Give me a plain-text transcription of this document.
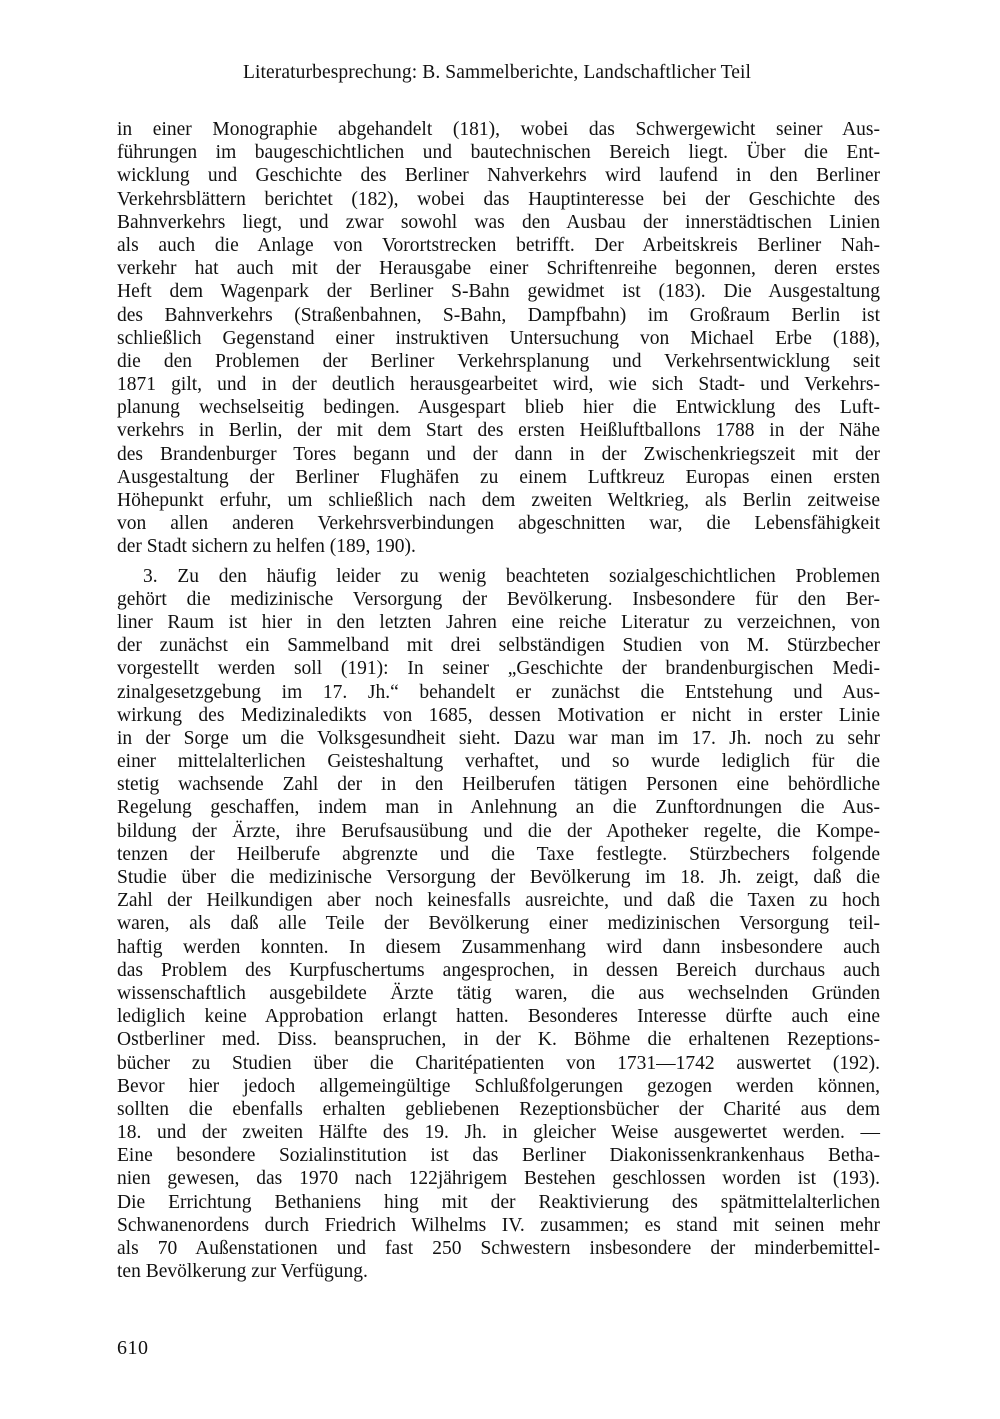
Literaturbesprechung: B. Sammelberichte, Landschaftlicher Teil
in einer Monographie abgehandelt (181), wobei das Schwergewicht seiner Aus-
führungen im baugeschichtlichen und bautechnischen Bereich liegt. Über die Ent-
wicklung und Geschichte des Berliner Nahverkehrs wird laufend in den Berliner
Verkehrsblättern berichtet (182), wobei das Hauptinteresse bei der Geschichte des
Bahnverkehrs liegt, und zwar sowohl was den Ausbau der innerstädtischen Linien
als auch die Anlage von Vorortstrecken betrifft. Der Arbeitskreis Berliner Nah-
verkehr hat auch mit der Herausgabe einer Schriftenreihe begonnen, deren erstes
Heft dem Wagenpark der Berliner S-Bahn gewidmet ist (183). Die Ausgestaltung
des Bahnverkehrs (Straßenbahnen, S-Bahn, Dampfbahn) im Großraum Berlin ist
schließlich Gegenstand einer instruktiven Untersuchung von Michael Erbe (188),
die den Problemen der Berliner Verkehrsplanung und Verkehrsentwicklung seit
1871 gilt, und in der deutlich herausgearbeitet wird, wie sich Stadt- und Verkehrs-
planung wechselseitig bedingen. Ausgespart blieb hier die Entwicklung des Luft-
verkehrs in Berlin, der mit dem Start des ersten Heißluftballons 1788 in der Nähe
des Brandenburger Tores begann und der dann in der Zwischenkriegszeit mit der
Ausgestaltung der Berliner Flughäfen zu einem Luftkreuz Europas einen ersten
Höhepunkt erfuhr, um schließlich nach dem zweiten Weltkrieg, als Berlin zeitweise
von allen anderen Verkehrsverbindungen abgeschnitten war, die Lebensfähigkeit
der Stadt sichern zu helfen (189, 190).
3. Zu den häufig leider zu wenig beachteten sozialgeschichtlichen Problemen
gehört die medizinische Versorgung der Bevölkerung. Insbesondere für den Ber-
liner Raum ist hier in den letzten Jahren eine reiche Literatur zu verzeichnen, von
der zunächst ein Sammelband mit drei selbständigen Studien von M. Stürzbecher
vorgestellt werden soll (191): In seiner „Geschichte der brandenburgischen Medi-
zinalgesetzgebung im 17. Jh.“ behandelt er zunächst die Entstehung und Aus-
wirkung des Medizinaledikts von 1685, dessen Motivation er nicht in erster Linie
in der Sorge um die Volksgesundheit sieht. Dazu war man im 17. Jh. noch zu sehr
einer mittelalterlichen Geisteshaltung verhaftet, und so wurde lediglich für die
stetig wachsende Zahl der in den Heilberufen tätigen Personen eine behördliche
Regelung geschaffen, indem man in Anlehnung an die Zunftordnungen die Aus-
bildung der Ärzte, ihre Berufsausübung und die der Apotheker regelte, die Kompe-
tenzen der Heilberufe abgrenzte und die Taxe festlegte. Stürzbechers folgende
Studie über die medizinische Versorgung der Bevölkerung im 18. Jh. zeigt, daß die
Zahl der Heilkundigen aber noch keinesfalls ausreichte, und daß die Taxen zu hoch
waren, als daß alle Teile der Bevölkerung einer medizinischen Versorgung teil-
haftig werden konnten. In diesem Zusammenhang wird dann insbesondere auch
das Problem des Kurpfuschertums angesprochen, in dessen Bereich durchaus auch
wissenschaftlich ausgebildete Ärzte tätig waren, die aus wechselnden Gründen
lediglich keine Approbation erlangt hatten. Besonderes Interesse dürfte auch eine
Ostberliner med. Diss. beanspruchen, in der K. Böhme die erhaltenen Rezeptions-
bücher zu Studien über die Charitépatienten von 1731—1742 auswertet (192).
Bevor hier jedoch allgemeingültige Schlußfolgerungen gezogen werden können,
sollten die ebenfalls erhalten gebliebenen Rezeptionsbücher der Charité aus dem
18. und der zweiten Hälfte des 19. Jh. in gleicher Weise ausgewertet werden. —
Eine besondere Sozialinstitution ist das Berliner Diakonissenkrankenhaus Betha-
nien gewesen, das 1970 nach 122jährigem Bestehen geschlossen worden ist (193).
Die Errichtung Bethaniens hing mit der Reaktivierung des spätmittelalterlichen
Schwanenordens durch Friedrich Wilhelms IV. zusammen; es stand mit seinen mehr
als 70 Außenstationen und fast 250 Schwestern insbesondere der minderbemittel-
ten Bevölkerung zur Verfügung.
610
